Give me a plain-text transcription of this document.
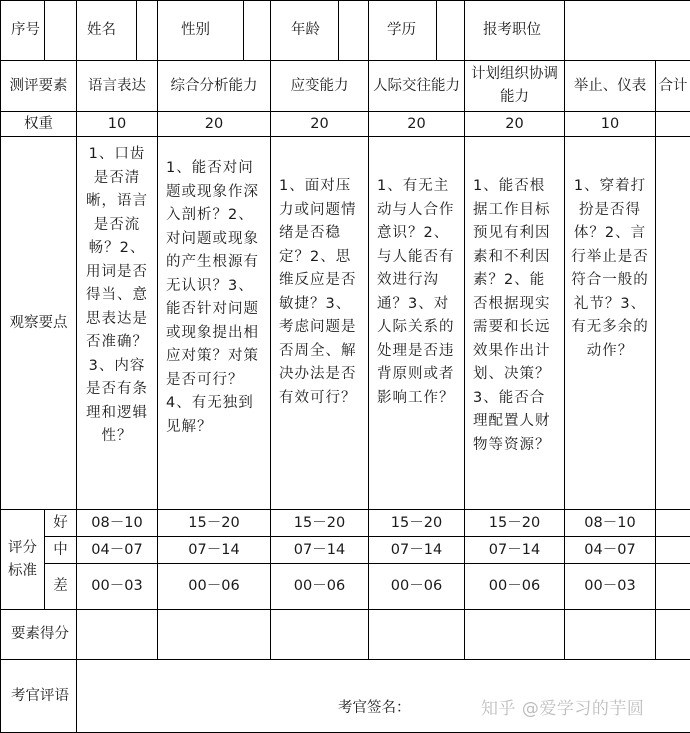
序号		姓名		性别		年龄		学历		报考职位		
测评要素		语言表达		综合分析能力		应变能力		人际交往能力		计划组织协调能力	举止、仪表	合计
权重		10		20		20		20		20	10	
观察要点		1、口齿是否清晰，语言是否流畅？2、用词是否得当、意思表达是否准确？3、内容是否有条理和逻辑性？		1、能否对问题或现象作深入剖析？2、对问题或现象的产生根源有无认识？3、能否针对问题或现象提出相应对策？对策是否可行？4、有无独到见解？		1、面对压力或问题情绪是否稳定？2、思维反应是否敏捷？3、考虑问题是否周全、解决办法是否有效可行？		1、有无主动与人合作意识？2、与人能否有效进行沟通？3、对人际关系的处理是否违背原则或者影响工作？		1、能否根据工作目标预见有利因素和不利因素？2、能否根据现实需要和长远效果作出计划、决策？3、能否合理配置人财物等资源？	1、穿着打扮是否得体？2、言行举止是否符合一般的礼节？3、有无多余的动作？	
评分标准	好	08－10		15－20		15－20		15－20		15－20	08－10	
	中	04－07		07－14		07－14		07－14		07－14	04－07	
	差	00－03		00－06		00－06		00－06		00－06	00－03	
要素得分												
考官评语												
考官签名：	知乎 @爱学习的芋圆
